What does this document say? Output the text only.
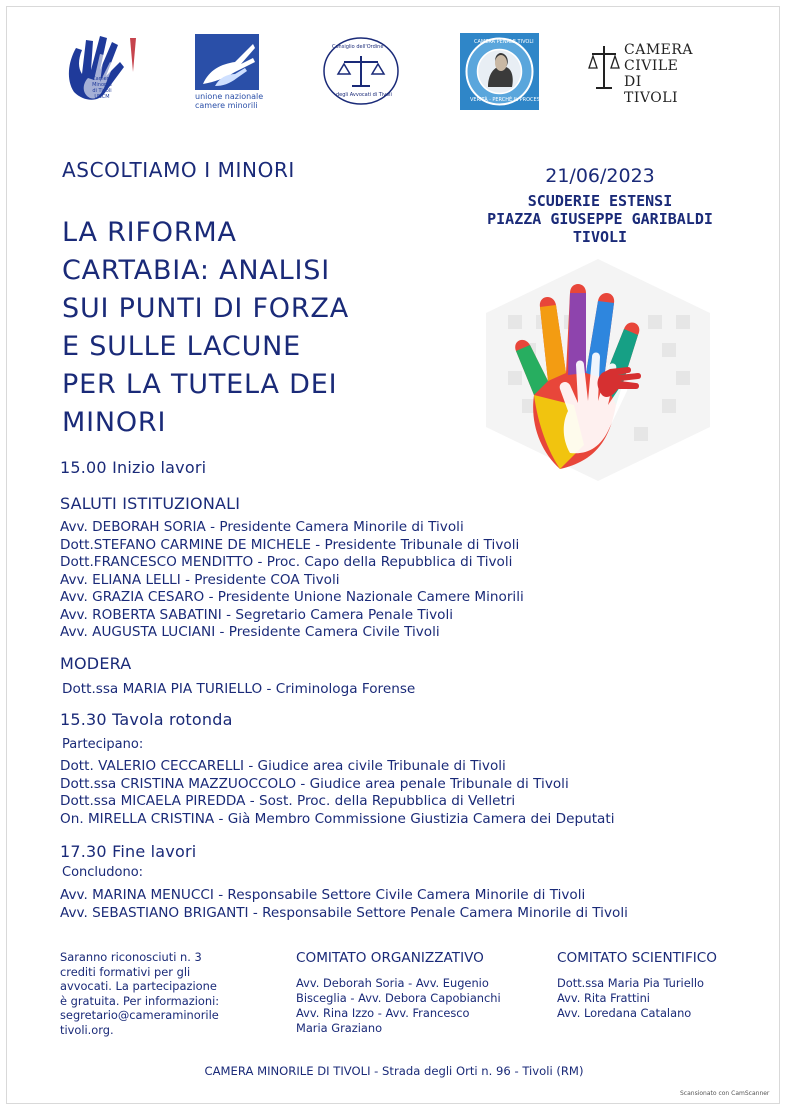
Camera
Minorile
di Tivoli
UNCM	unione nazionale
camere minorili
Consiglio dell'Ordine
degli Avvocati di Tivoli
CAMERA PENALE TIVOLI
VERITÀ · PERCHÉ IL PROCESSO
CAMERA
CIVILE DI
TIVOLI
ASCOLTIAMO I MINORI
LA RIFORMA
CARTABIA: ANALISI
SUI PUNTI DI FORZA
E SULLE LACUNE
PER LA TUTELA DEI
MINORI
21/06/2023
SCUDERIE ESTENSI
PIAZZA GIUSEPPE GARIBALDI
TIVOLI
15.00 Inizio lavori
SALUTI ISTITUZIONALI
Avv. DEBORAH SORIA - Presidente Camera Minorile di Tivoli
Dott.STEFANO CARMINE DE MICHELE - Presidente Tribunale di Tivoli
Dott.FRANCESCO MENDITTO - Proc. Capo della Repubblica di Tivoli
Avv. ELIANA LELLI - Presidente COA Tivoli
Avv. GRAZIA CESARO - Presidente Unione Nazionale Camere Minorili
Avv. ROBERTA SABATINI - Segretario Camera Penale Tivoli
Avv. AUGUSTA LUCIANI - Presidente Camera Civile Tivoli
MODERA
Dott.ssa MARIA PIA TURIELLO - Criminologa Forense
15.30 Tavola rotonda
Partecipano:
Dott. VALERIO CECCARELLI - Giudice area civile Tribunale di Tivoli
Dott.ssa CRISTINA MAZZUOCCOLO - Giudice area penale Tribunale di Tivoli
Dott.ssa MICAELA PIREDDA - Sost. Proc. della Repubblica di Velletri
On. MIRELLA CRISTINA - Già Membro Commissione Giustizia Camera dei Deputati
17.30 Fine lavori
Concludono:
Avv. MARINA MENUCCI - Responsabile Settore Civile Camera Minorile di Tivoli
Avv. SEBASTIANO BRIGANTI - Responsabile Settore Penale Camera Minorile di Tivoli
Saranno riconosciuti n. 3
crediti formativi per gli
avvocati. La partecipazione
è gratuita. Per informazioni:
segretario@cameraminorile
tivoli.org.
COMITATO ORGANIZZATIVO
Avv. Deborah Soria - Avv. Eugenio
Bisceglia - Avv. Debora Capobianchi
Avv. Rina Izzo - Avv. Francesco
Maria Graziano
COMITATO SCIENTIFICO
Dott.ssa Maria Pia Turiello
Avv. Rita Frattini
Avv. Loredana Catalano
CAMERA MINORILE DI TIVOLI - Strada degli Orti n. 96 - Tivoli (RM)
Scansionato con CamScanner
